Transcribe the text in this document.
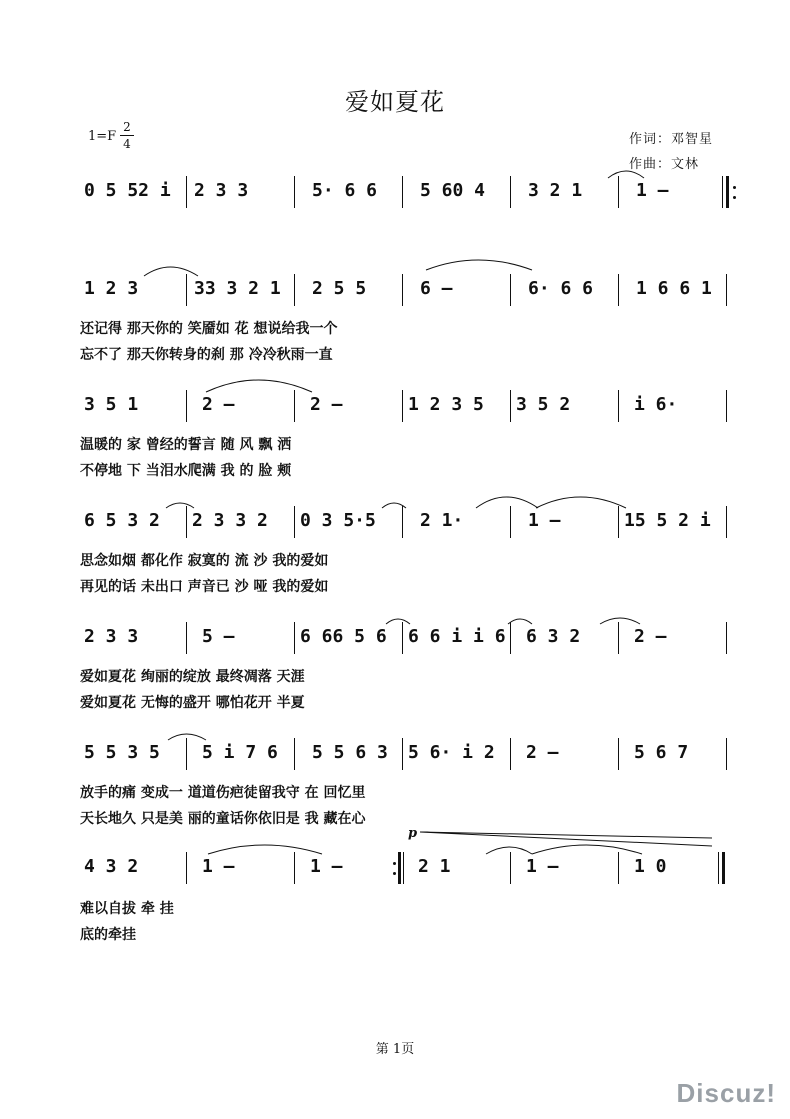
爱如夏花
1=F
2
4	作词：邓智星
作曲：文林
0 5 52 i 2 3 3	5· 6 6 5 60 4 3 2 1	1 –
1 2 3	33 3 2 1 2 5 5	6 –	6· 6 6 1 6 6 1
还记得 那天你的 笑靥如 花 想说给我一个
忘不了 那天你转身的刹 那 冷冷秋雨一直
3 5 1	2 –	2 –	1 2 3 5 3 5 2	i 6·
温暖的 家 曾经的誓言 随 风 飘 洒
不停地 下 当泪水爬满 我 的 脸 颊
6 5 3 2 2 3 3 2 0 3 5·5 2 1·	1 –	15 5 2 i
思念如烟 都化作 寂寞的 流 沙 我的爱如
再见的话 未出口 声音已 沙 哑 我的爱如
2 3 3	5 –	6 66 5 6 6 6 i i 6 6 3 2	2 –
爱如夏花 绚丽的绽放 最终凋落 天涯
爱如夏花 无悔的盛开 哪怕花开 半夏
5 5 3 5 5 i 7 6 5 5 6 3 5 6· i 2 2 –	5 6 7
放手的痛 变成一 道道伤疤徒留我守 在 回忆里
天长地久 只是美 丽的童话你依旧是 我 藏在心
p
4 3 2	1 –	1 –	2 1	1 –	1 0
难以自拔 牵 挂
底的牵挂
第 1页
Discuz!
